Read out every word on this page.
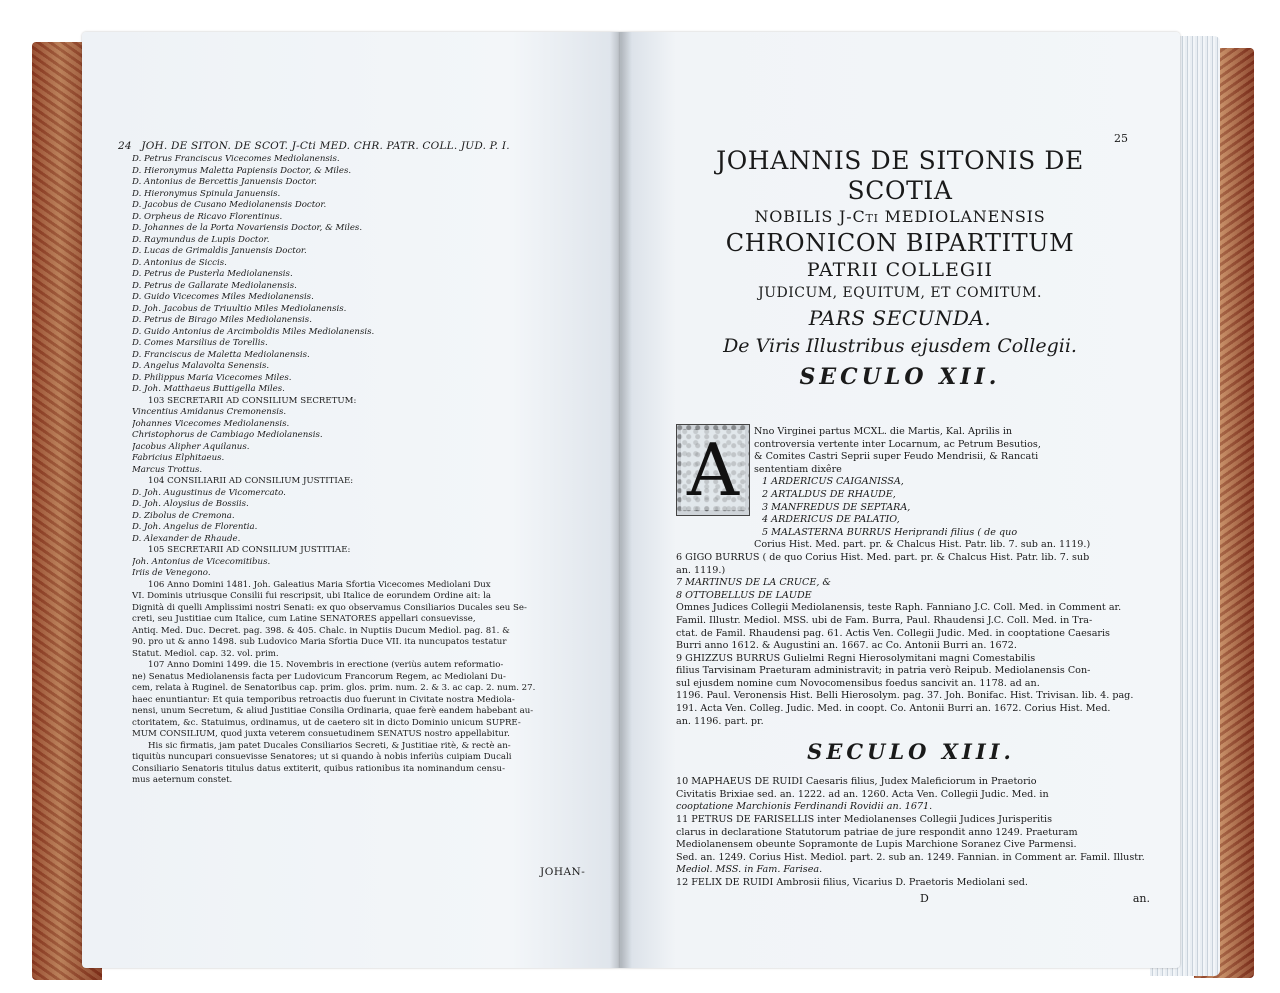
24 JOH. DE SITON. DE SCOT. J-Cti MED. CHR. PATR. COLL. JUD. P. I.
D. Petrus Franciscus Vicecomes Mediolanensis.
D. Hieronymus Maletta Papiensis Doctor, & Miles.
D. Antonius de Bercettis Januensis Doctor.
D. Hieronymus Spinula Januensis.
D. Jacobus de Cusano Mediolanensis Doctor.
D. Orpheus de Ricavo Florentinus.
D. Johannes de la Porta Novariensis Doctor, & Miles.
D. Raymundus de Lupis Doctor.
D. Lucas de Grimaldis Januensis Doctor.
D. Antonius de Siccis.
D. Petrus de Pusterla Mediolanensis.
D. Petrus de Gallarate Mediolanensis.
D. Guido Vicecomes Miles Mediolanensis.
D. Joh. Jacobus de Triuultio Miles Mediolanensis.
D. Petrus de Birago Miles Mediolanensis.
D. Guido Antonius de Arcimboldis Miles Mediolanensis.
D. Comes Marsilius de Torellis.
D. Franciscus de Maletta Mediolanensis.
D. Angelus Malavolta Senensis.
D. Philippus Maria Vicecomes Miles.
D. Joh. Matthaeus Buttigella Miles.
103 SECRETARII AD CONSILIUM SECRETUM:
Vincentius Amidanus Cremonensis.
Johannes Vicecomes Mediolanensis.
Christophorus de Cambiago Mediolanensis.
Jacobus Alipher Aquilanus.
Fabricius Elphitaeus.
Marcus Trottus.
104 CONSILIARII AD CONSILIUM JUSTITIAE:
D. Joh. Augustinus de Vicomercato.
D. Joh. Aloysius de Bossiis.
D. Zibolus de Cremona.
D. Joh. Angelus de Florentia.
D. Alexander de Rhaude.
105 SECRETARII AD CONSILIUM JUSTITIAE:
Joh. Antonius de Vicecomitibus.
Iriis de Venegono.
106 Anno Domini 1481. Joh. Galeatius Maria Sfortia Vicecomes Mediolani Dux
VI. Dominis utriusque Consilii fui rescripsit, ubi Italice de eorundem Ordine ait: la
Dignità di quelli Amplissimi nostri Senati: ex quo observamus Consiliarios Ducales seu Se-
creti, seu Justitiae cum Italice, cum Latine SENATORES appellari consuevisse,
Antiq. Med. Duc. Decret. pag. 398. & 405. Chalc. in Nuptiis Ducum Mediol. pag. 81. &
90. pro ut & anno 1498. sub Ludovico Maria Sfortia Duce VII. ita nuncupatos testatur
Statut. Mediol. cap. 32. vol. prim.
107 Anno Domini 1499. die 15. Novembris in erectione (veriùs autem reformatio-
ne) Senatus Mediolanensis facta per Ludovicum Francorum Regem, ac Mediolani Du-
cem, relata à Ruginel. de Senatoribus cap. prim. glos. prim. num. 2. & 3. ac cap. 2. num. 27.
haec enuntiantur: Et quia temporibus retroactis duo fuerunt in Civitate nostra Mediola-
nensi, unum Secretum, & aliud Justitiae Consilia Ordinaria, quae ferè eandem habebant au-
ctoritatem, &c. Statuimus, ordinamus, ut de caetero sit in dicto Dominio unicum SUPRE-
MUM CONSILIUM, quod juxta veterem consuetudinem SENATUS nostro appellabitur.
His sic firmatis, jam patet Ducales Consiliarios Secreti, & Justitiae ritè, & rectè an-
tiquitùs nuncupari consuevisse Senatores; ut si quando à nobis inferiùs cuipiam Ducali
Consiliario Senatoris titulus datus extiterit, quibus rationibus ita nominandum censu-
mus aeternum constet.
JOHAN-
25
JOHANNIS DE SITONIS DE SCOTIA
NOBILIS J-Cti MEDIOLANENSIS
CHRONICON BIPARTITUM
PATRII COLLEGII
JUDICUM, EQUITUM, ET COMITUM.
PARS SECUNDA.
De Viris Illustribus ejusdem Collegii.
SECULO XII.
Nno Virginei partus MCXL. die Martis, Kal. Aprilis in
controversia vertente inter Locarnum, ac Petrum Besutios,
& Comites Castri Seprii super Feudo Mendrisii, & Rancati
sententiam dixêre
1 ARDERICUS CAIGANISSA,
2 ARTALDUS DE RHAUDE,
3 MANFREDUS DE SEPTARA,
4 ARDERICUS DE PALATIO,
5 MALASTERNA BURRUS Heriprandi filius ( de quo
Corius Hist. Med. part. pr. & Chalcus Hist. Patr. lib. 7. sub an. 1119.)
6 GIGO BURRUS ( de quo Corius Hist. Med. part. pr. & Chalcus Hist. Patr. lib. 7. sub
an. 1119.)
7 MARTINUS DE LA CRUCE, &
8 OTTOBELLUS DE LAUDE
Omnes Judices Collegii Mediolanensis, teste Raph. Fanniano J.C. Coll. Med. in Comment ar.
Famil. Illustr. Mediol. MSS. ubi de Fam. Burra, Paul. Rhaudensi J.C. Coll. Med. in Tra-
ctat. de Famil. Rhaudensi pag. 61. Actis Ven. Collegii Judic. Med. in cooptatione Caesaris
Burri anno 1612. & Augustini an. 1667. ac Co. Antonii Burri an. 1672.
9 GHIZZUS BURRUS Gulielmi Regni Hierosolymitani magni Comestabilis
filius Tarvisinam Praeturam administravit; in patria verò Reipub. Mediolanensis Con-
sul ejusdem nomine cum Novocomensibus foedus sancivit an. 1178. ad an.
1196. Paul. Veronensis Hist. Belli Hierosolym. pag. 37. Joh. Bonifac. Hist. Trivisan. lib. 4. pag.
191. Acta Ven. Colleg. Judic. Med. in coopt. Co. Antonii Burri an. 1672. Corius Hist. Med.
an. 1196. part. pr.
SECULO XIII.
10 MAPHAEUS DE RUIDI Caesaris filius, Judex Maleficiorum in Praetorio
Civitatis Brixiae sed. an. 1222. ad an. 1260. Acta Ven. Collegii Judic. Med. in
cooptatione Marchionis Ferdinandi Rovidii an. 1671.
11 PETRUS DE FARISELLIS inter Mediolanenses Collegii Judices Jurisperitis
clarus in declaratione Statutorum patriae de jure respondit anno 1249. Praeturam
Mediolanensem obeunte Sopramonte de Lupis Marchione Soranez Cive Parmensi.
Sed. an. 1249. Corius Hist. Mediol. part. 2. sub an. 1249. Fannian. in Comment ar. Famil. Illustr.
Mediol. MSS. in Fam. Farisea.
12 FELIX DE RUIDI Ambrosii filius, Vicarius D. Praetoris Mediolani sed.
A
D	an.
